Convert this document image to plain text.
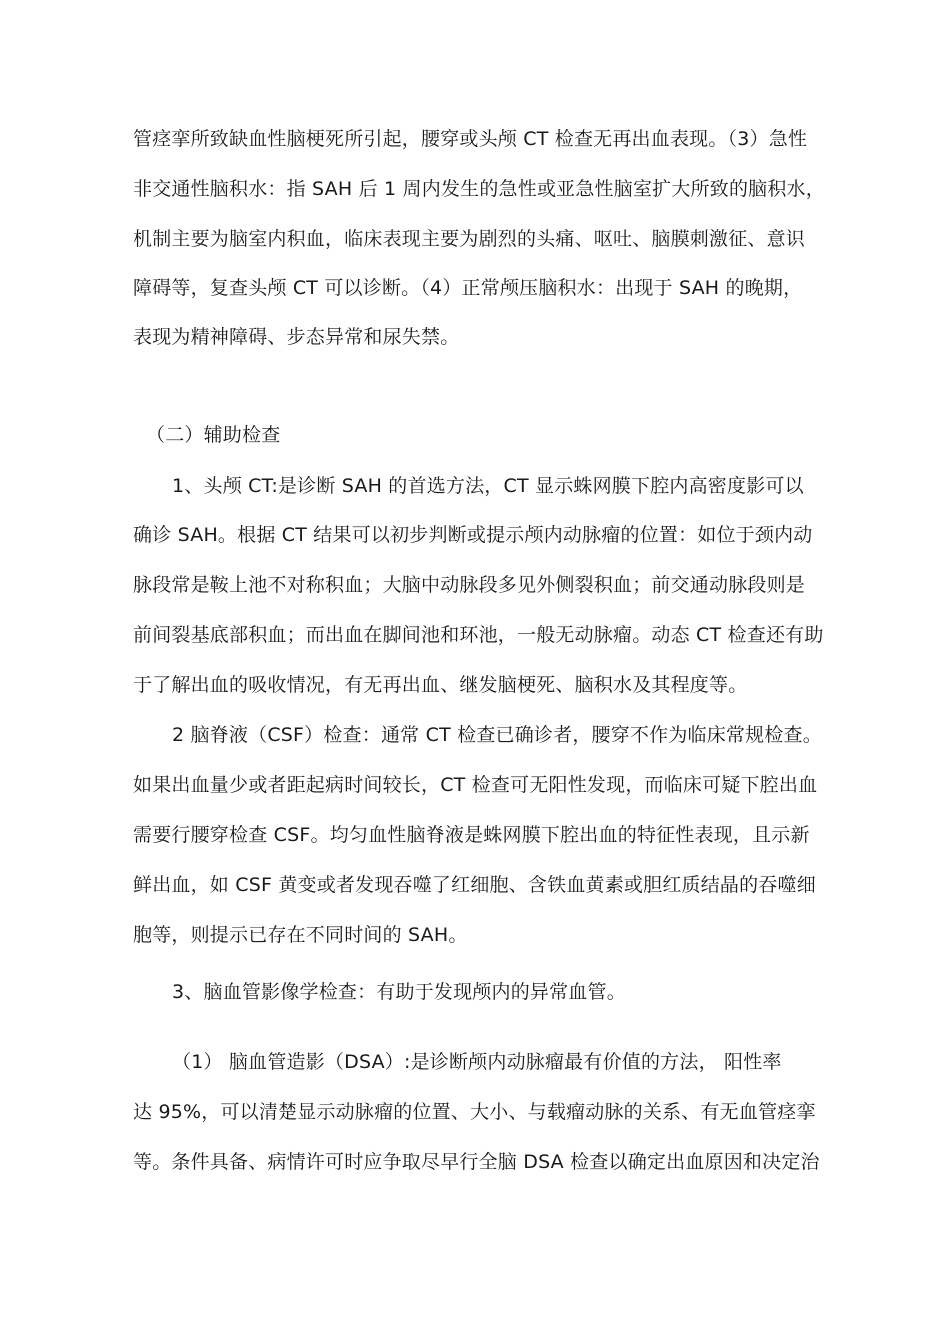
管痉挛所致缺血性脑梗死所引起，腰穿或头颅 CT 检查无再出血表现。（3）急性
非交通性脑积水：指 SAH 后 1 周内发生的急性或亚急性脑室扩大所致的脑积水，
机制主要为脑室内积血，临床表现主要为剧烈的头痛、呕吐、脑膜刺激征、意识
障碍等，复查头颅 CT 可以诊断。（4）正常颅压脑积水：出现于 SAH 的晚期，
表现为精神障碍、步态异常和尿失禁。
（二）辅助检查
1、头颅 CT:是诊断 SAH 的首选方法，CT 显示蛛网膜下腔内高密度影可以
确诊 SAH。根据 CT 结果可以初步判断或提示颅内动脉瘤的位置：如位于颈内动
脉段常是鞍上池不对称积血；大脑中动脉段多见外侧裂积血；前交通动脉段则是
前间裂基底部积血；而出血在脚间池和环池，一般无动脉瘤。动态 CT 检查还有助
于了解出血的吸收情况，有无再出血、继发脑梗死、脑积水及其程度等。
2 脑脊液（CSF）检查：通常 CT 检查已确诊者，腰穿不作为临床常规检查。
如果出血量少或者距起病时间较长，CT 检查可无阳性发现，而临床可疑下腔出血
需要行腰穿检查 CSF。均匀血性脑脊液是蛛网膜下腔出血的特征性表现，且示新
鲜出血，如 CSF 黄变或者发现吞噬了红细胞、含铁血黄素或胆红质结晶的吞噬细
胞等，则提示已存在不同时间的 SAH。
3、脑血管影像学检查：有助于发现颅内的异常血管。
（1） 脑血管造影（DSA）:是诊断颅内动脉瘤最有价值的方法， 阳性率
达 95%，可以清楚显示动脉瘤的位置、大小、与载瘤动脉的关系、有无血管痉挛
等。条件具备、病情许可时应争取尽早行全脑 DSA 检查以确定出血原因和决定治
